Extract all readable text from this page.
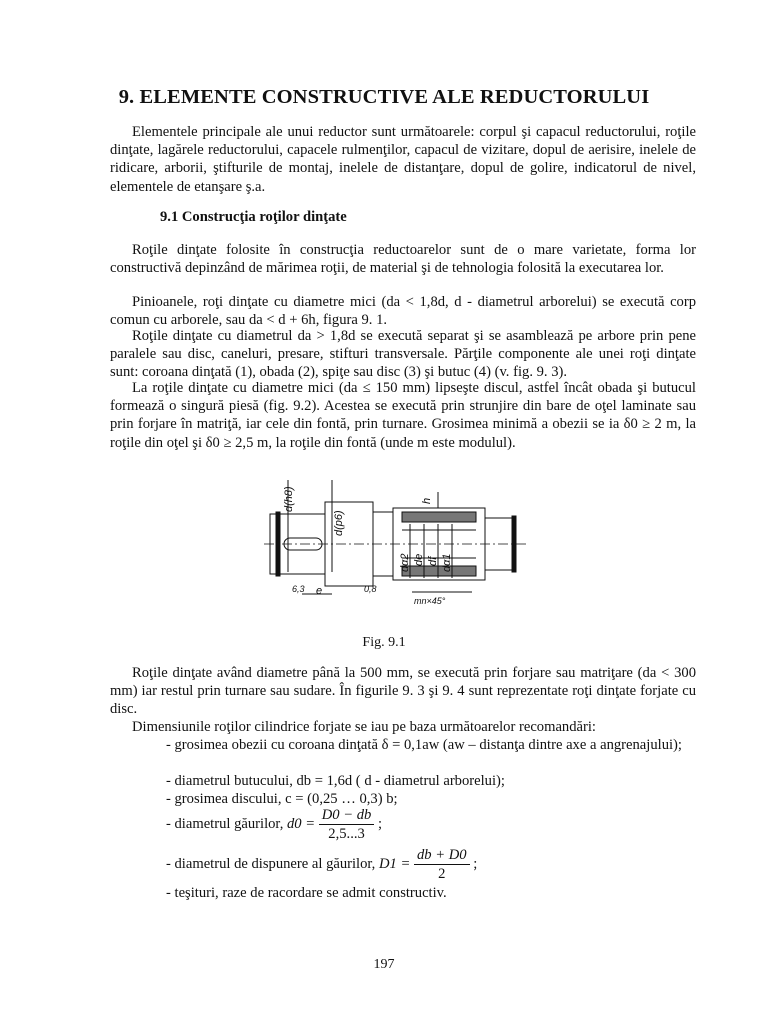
9. ELEMENTE CONSTRUCTIVE ALE REDUCTORULUI

Elementele principale ale unui reductor sunt următoarele: corpul şi capacul reductorului, roţile dinţate, lagărele reductorului, capacele rulmenţilor, capacul de vizitare, dopul de aerisire, inelele de ridicare, arborii, ştifturile de montaj, inelele de distanţare, dopul de golire, indicatorul de nivel, elementele de etanşare ş.a.

9.1 Construcţia roţilor dinţate

Roţile dinţate folosite în construcţia reductoarelor sunt de o mare varietate, forma lor constructivă depinzând de mărimea roţii, de material şi de tehnologia folosită la executarea lor.

Pinioanele, roţi dinţate cu diametre mici (da < 1,8d, d - diametrul arborelui) se execută corp comun cu arborele, sau da < d + 6h, figura 9. 1.

Roţile dinţate cu diametrul da > 1,8d se execută separat şi se asamblează pe arbore prin pene paralele sau disc, caneluri, presare, stifturi transversale. Părţile componente ale unei roţi dinţate sunt: coroana dinţată (1), obada (2), spiţe sau disc (3) şi butuc (4) (v. fig. 9. 3).

La roţile dinţate cu diametre mici (da ≤ 150 mm) lipseşte discul, astfel încât obada şi butucul formează o singură piesă (fig. 9.2). Acestea se execută prin strunjire din bare de oţel laminate sau prin forjare în matriţă, iar cele din fontă, prin turnare. Grosimea minimă a obezii se ia δ0 ≥ 2 m, la roţile din oţel şi δ0 ≥ 2,5 m, la roţile din fontă (unde m este modulul).

d(h8)
d(p6)
h
dα2 de df dα1
6,3 e	0,8
mn×45°
Fig. 9.1

Roţile dinţate având diametre până la 500 mm, se execută prin forjare sau matriţare (da < 300 mm) iar restul prin turnare sau sudare. În figurile 9. 3 şi 9. 4 sunt reprezentate roţi dinţate forjate cu disc.

Dimensiunile roţilor cilindrice forjate se iau pe baza următoarelor recomandări:

- grosimea obezii cu coroana dinţată δ = 0,1aw (aw – distanţa dintre axe a angrenajului);

- diametrul butucului, db = 1,6d ( d - diametrul arborelui);

- grosimea discului, c = (0,25 … 0,3) b;

- diametrul găurilor, $d0 = \frac{D0 - db}{2,5...3}$ ;
- diametrul de dispunere al găurilor, $D1 = \frac{db + D0}{2}$ ;

- teşituri, raze de racordare se admit constructiv.

197
